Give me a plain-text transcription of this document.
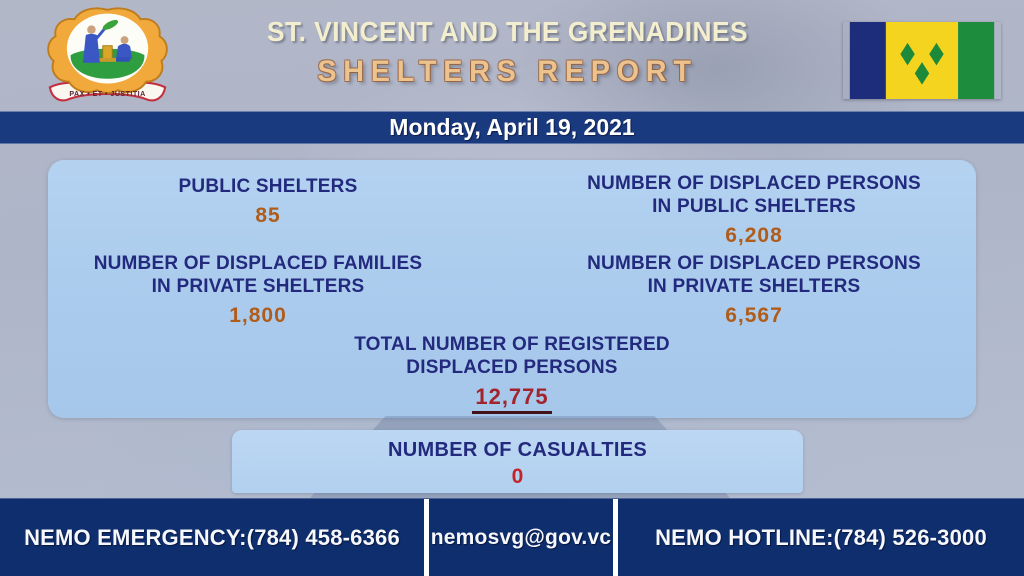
PAX • ET • JUSTITIA
ST. VINCENT AND THE GRENADINES
SHELTERS REPORT
Monday, April 19, 2021
PUBLIC SHELTERS
85
NUMBER OF DISPLACED PERSONS
IN PUBLIC SHELTERS
6,208
NUMBER OF DISPLACED FAMILIES
IN PRIVATE SHELTERS
1,800
NUMBER OF DISPLACED PERSONS
IN PRIVATE SHELTERS
6,567
TOTAL NUMBER OF REGISTERED
DISPLACED PERSONS
12,775
NUMBER OF CASUALTIES
0
NEMO EMERGENCY:(784) 458-6366	nemosvg@gov.vc	NEMO HOTLINE:(784) 526-3000
